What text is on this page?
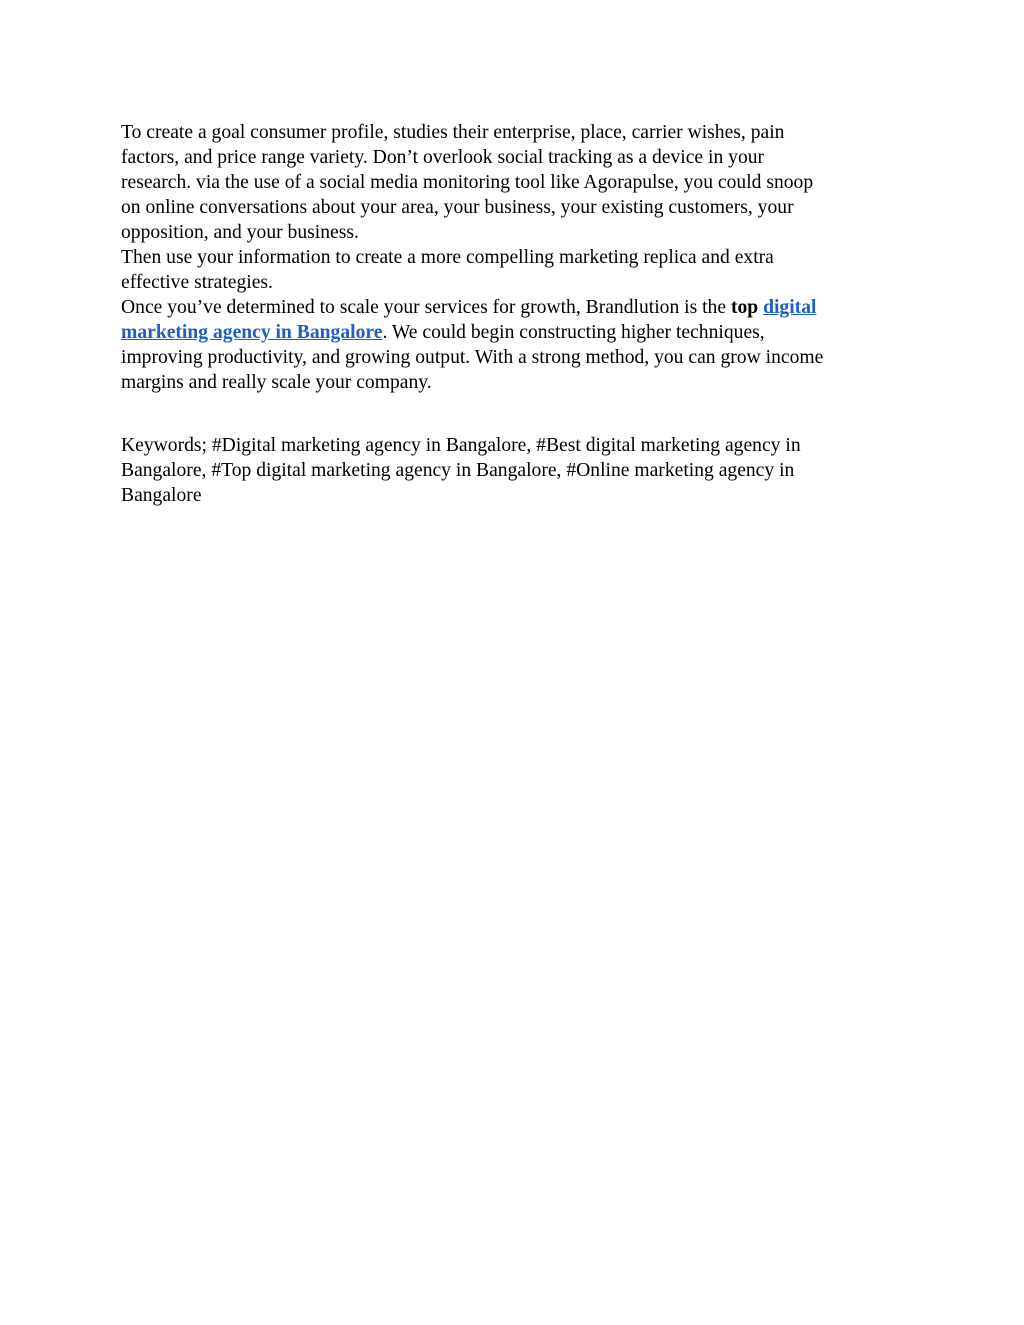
To create a goal consumer profile, studies their enterprise, place, carrier wishes, pain
factors, and price range variety. Don’t overlook social tracking as a device in your
research. via the use of a social media monitoring tool like Agorapulse, you could snoop
on online conversations about your area, your business, your existing customers, your
opposition, and your business.
Then use your information to create a more compelling marketing replica and extra
effective strategies.
Once you’ve determined to scale your services for growth, Brandlution is the top digital
marketing agency in Bangalore. We could begin constructing higher techniques,
improving productivity, and growing output. With a strong method, you can grow income
margins and really scale your company.
Keywords; #Digital marketing agency in Bangalore, #Best digital marketing agency in
Bangalore, #Top digital marketing agency in Bangalore, #Online marketing agency in
Bangalore
